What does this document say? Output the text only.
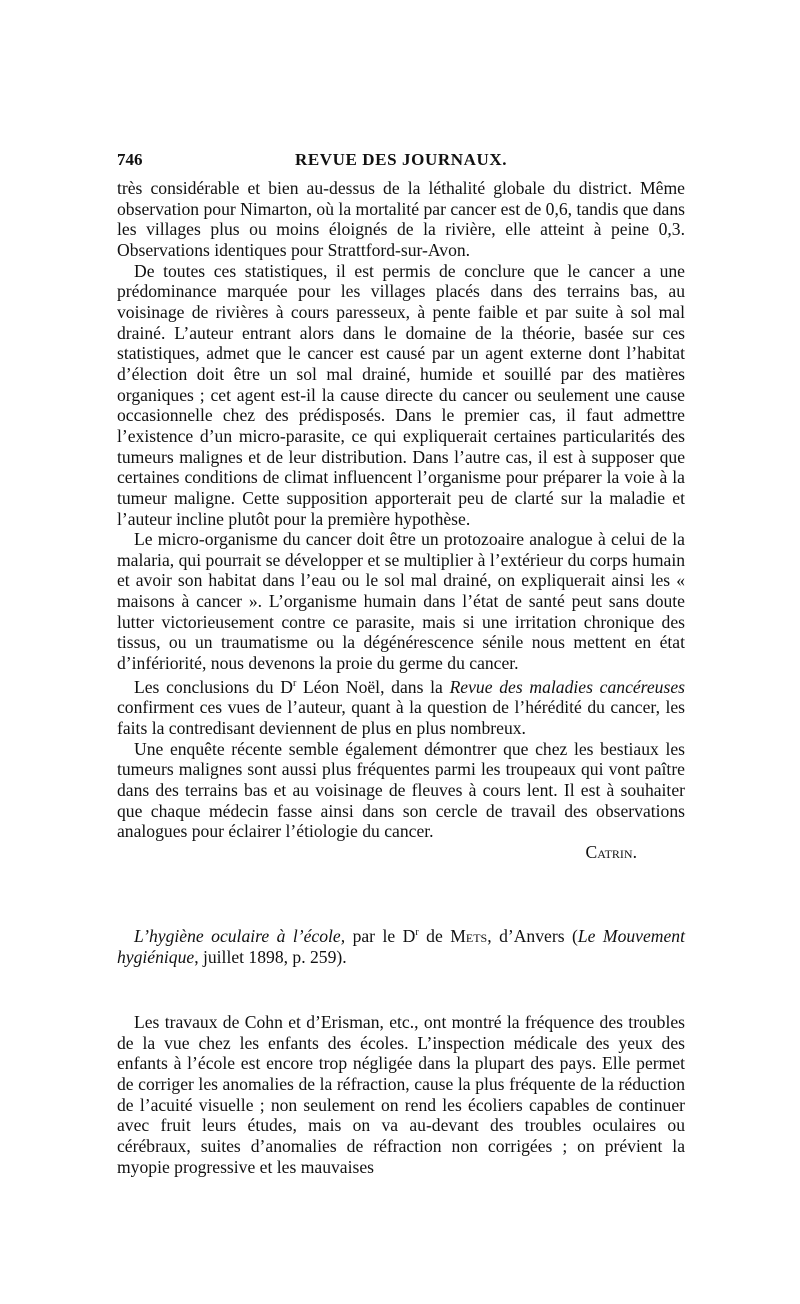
746	REVUE DES JOURNAUX.

très considérable et bien au-dessus de la léthalité globale du district. Même observation pour Nimarton, où la mortalité par cancer est de 0,6, tandis que dans les villages plus ou moins éloignés de la rivière, elle atteint à peine 0,3. Observations identiques pour Strattford-sur-Avon.

De toutes ces statistiques, il est permis de conclure que le cancer a une prédominance marquée pour les villages placés dans des terrains bas, au voisinage de rivières à cours paresseux, à pente faible et par suite à sol mal drainé. L’auteur entrant alors dans le domaine de la théorie, basée sur ces statistiques, admet que le cancer est causé par un agent externe dont l’habitat d’élection doit être un sol mal drainé, humide et souillé par des matières organiques ; cet agent est-il la cause directe du cancer ou seulement une cause occasionnelle chez des prédisposés. Dans le premier cas, il faut admettre l’existence d’un micro-parasite, ce qui expliquerait certaines particularités des tumeurs malignes et de leur distribution. Dans l’autre cas, il est à supposer que certaines conditions de climat influencent l’organisme pour préparer la voie à la tumeur maligne. Cette supposition apporterait peu de clarté sur la maladie et l’auteur incline plutôt pour la première hypothèse.

Le micro-organisme du cancer doit être un protozoaire analogue à celui de la malaria, qui pourrait se développer et se multiplier à l’extérieur du corps humain et avoir son habitat dans l’eau ou le sol mal drainé, on expliquerait ainsi les « maisons à cancer ». L’organisme humain dans l’état de santé peut sans doute lutter victorieusement contre ce parasite, mais si une irritation chronique des tissus, ou un traumatisme ou la dégénérescence sénile nous mettent en état d’infériorité, nous devenons la proie du germe du cancer.

Les conclusions du $D^r$ Léon Noël, dans la Revue des maladies cancéreuses confirment ces vues de l’auteur, quant à la question de l’hérédité du cancer, les faits la contredisant deviennent de plus en plus nombreux.

Une enquête récente semble également démontrer que chez les bestiaux les tumeurs malignes sont aussi plus fréquentes parmi les troupeaux qui vont paître dans des terrains bas et au voisinage de fleuves à cours lent. Il est à souhaiter que chaque médecin fasse ainsi dans son cercle de travail des observations analogues pour éclairer l’étiologie du cancer.

Catrin.

L’hygiène oculaire à l’école, par le $D^r$ de Mets, d’Anvers (Le Mouvement hygiénique, juillet 1898, p. 259).
Les travaux de Cohn et d’Erisman, etc., ont montré la fréquence des troubles de la vue chez les enfants des écoles. L’inspection médicale des yeux des enfants à l’école est encore trop négligée dans la plupart des pays. Elle permet de corriger les anomalies de la réfraction, cause la plus fréquente de la réduction de l’acuité visuelle ; non seulement on rend les écoliers capables de continuer avec fruit leurs études, mais on va au-devant des troubles oculaires ou cérébraux, suites d’anomalies de réfraction non corrigées ; on prévient la myopie progressive et les mauvaises
